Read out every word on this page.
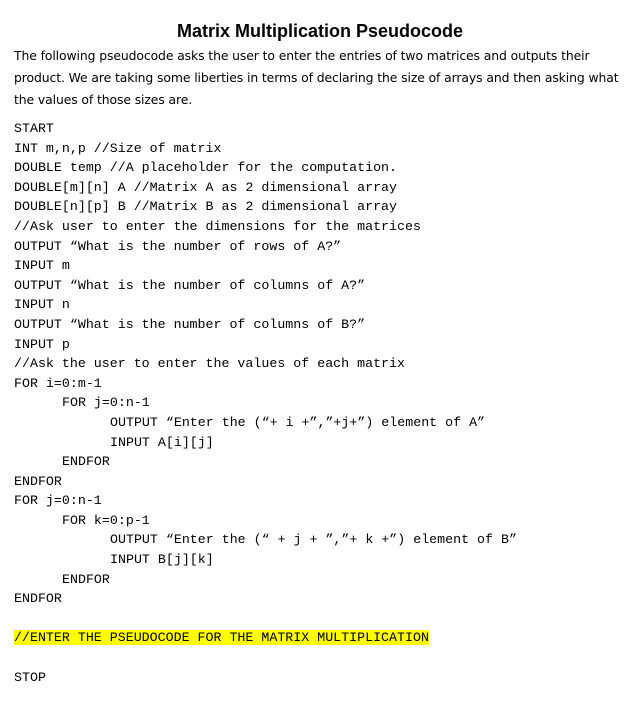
Matrix Multiplication Pseudocode

The following pseudocode asks the user to enter the entries of two matrices and outputs their product. We are taking some liberties in terms of declaring the size of arrays and then asking what the values of those sizes are.

START
INT m,n,p //Size of matrix
DOUBLE temp //A placeholder for the computation.
DOUBLE[m][n] A //Matrix A as 2 dimensional array
DOUBLE[n][p] B //Matrix B as 2 dimensional array
//Ask user to enter the dimensions for the matrices
OUTPUT “What is the number of rows of A?”
INPUT m
OUTPUT “What is the number of columns of A?”
INPUT n
OUTPUT “What is the number of columns of B?”
INPUT p
//Ask the user to enter the values of each matrix
FOR i=0:m-1
FOR j=0:n-1
OUTPUT “Enter the (“+ i +”,”+j+”) element of A”
INPUT A[i][j]
ENDFOR
ENDFOR
FOR j=0:n-1
FOR k=0:p-1
OUTPUT “Enter the (“ + j + ”,”+ k +”) element of B”
INPUT B[j][k]
ENDFOR
ENDFOR
//ENTER THE PSEUDOCODE FOR THE MATRIX MULTIPLICATION
STOP
